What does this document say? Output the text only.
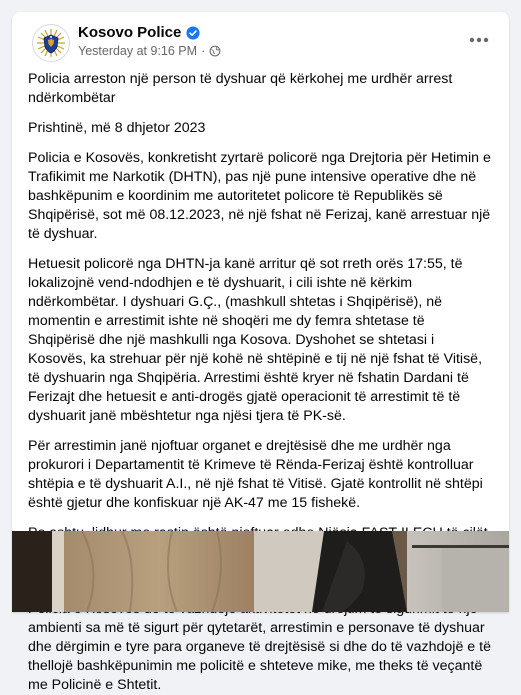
Kosovo Police
Yesterday at 9:16 PM ·

Policia arreston një person të dyshuar që kërkohej me urdhër arrest ndërkombëtar

Prishtinë, më 8 dhjetor 2023

Policia e Kosovës, konkretisht zyrtarë policorë nga Drejtoria për Hetimin e Trafikimit me Narkotik (DHTN), pas një pune intensive operative dhe në bashkëpunim e koordinim me autoritetet policore të Republikës së Shqipërisë, sot më 08.12.2023, në një fshat në Ferizaj, kanë arrestuar një të dyshuar.

Hetuesit policorë nga DHTN-ja kanë arritur që sot rreth orës 17:55, të lokalizojnë vend-ndodhjen e të dyshuarit, i cili ishte në kërkim ndërkombëtar. I dyshuari G.Ç., (mashkull shtetas i Shqipërisë), në momentin e arrestimit ishte në shoqëri me dy femra shtetase të Shqipërisë dhe një mashkulli nga Kosova. Dyshohet se shtetasi i Kosovës, ka strehuar për një kohë në shtëpinë e tij në një fshat të Vitisë, të dyshuarin nga Shqipëria. Arrestimi është kryer në fshatin Dardani të Ferizajt dhe hetuesit e anti-drogës gjatë operacionit të arrestimit të të dyshuarit janë mbështetur nga njësi tjera të PK-së.

Për arrestimin janë njoftuar organet e drejtësisë dhe me urdhër nga prokurori i Departamentit të Krimeve të Rënda-Ferizaj është kontrolluar shtëpia e të dyshuarit A.I., në një fshat të Vitisë. Gjatë kontrollit në shtëpi është gjetur dhe konfiskuar një AK-47 me 15 fishekë.

ambienti sa më të sigurt për qytetarët, arrestimin e personave të dyshuar dhe dërgimin e tyre para organeve të drejtësisë si dhe do të vazhdojë e të thellojë bashkëpunimin me policitë e shteteve mike, me theks të veçantë me Policinë e Shtetit.
